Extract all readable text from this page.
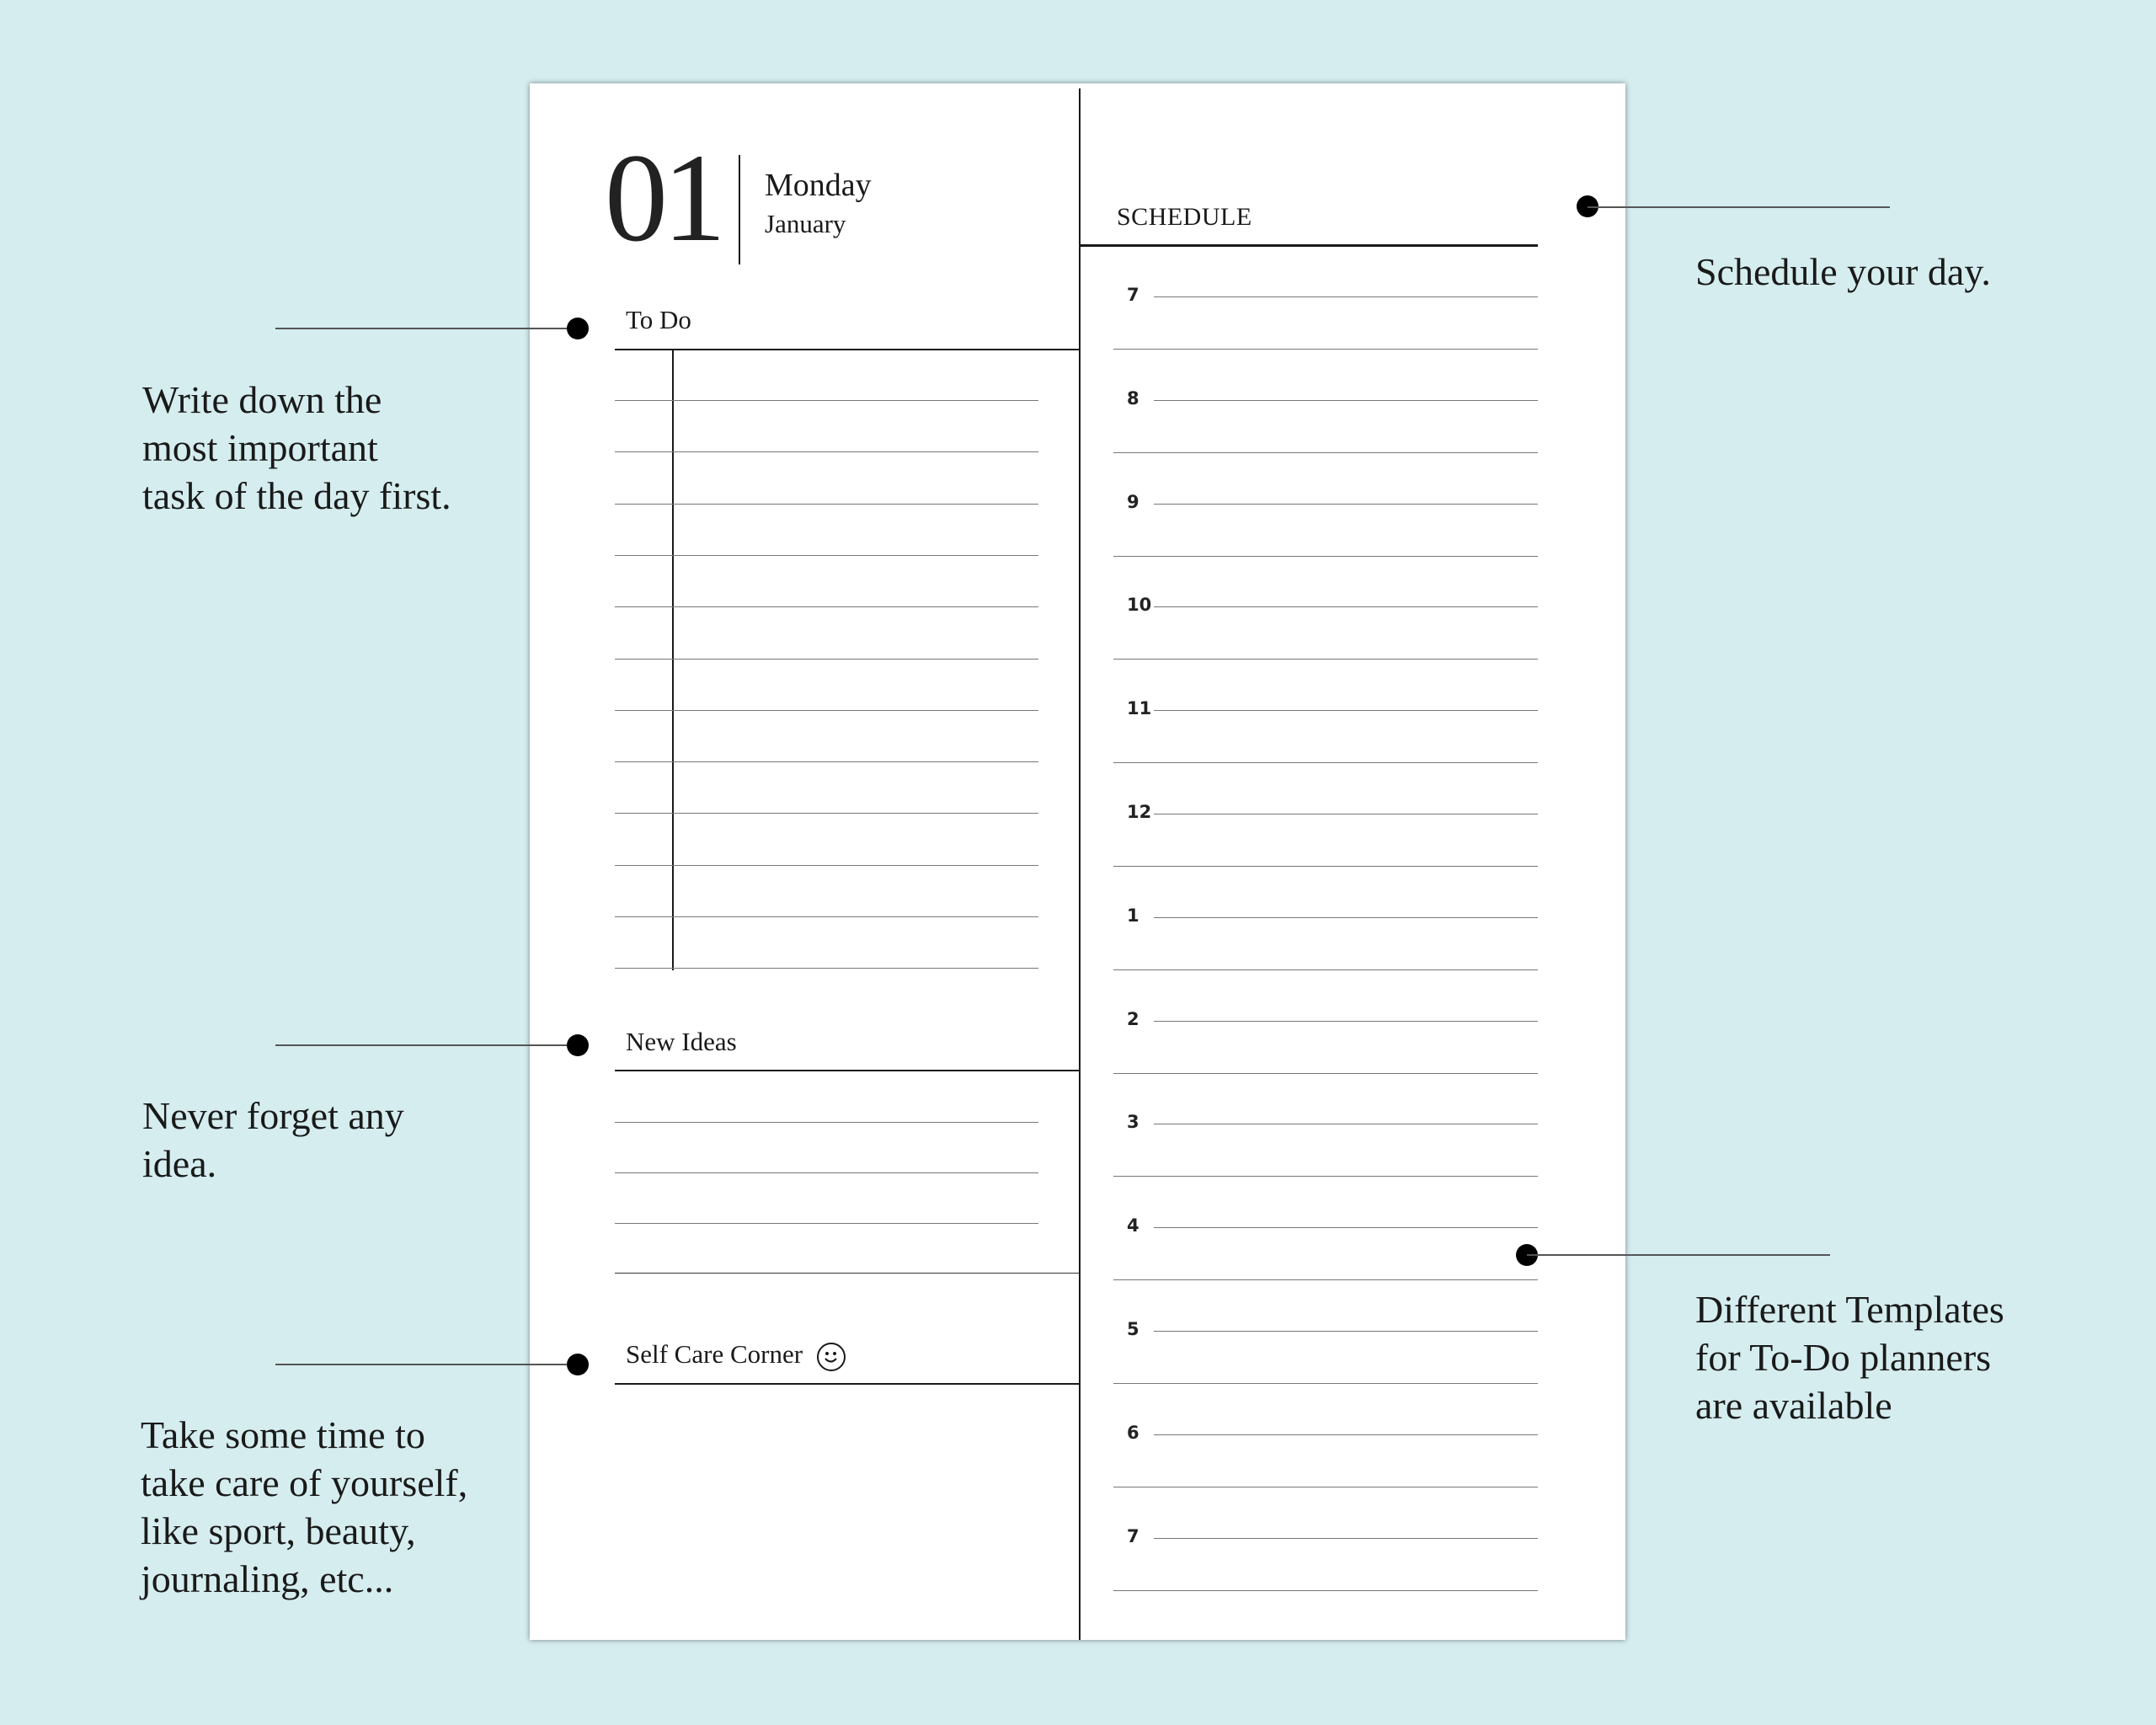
01 Monday
January
To Do
New Ideas
Self Care Corner
SCHEDULE
7
8
9
10
11
12
1
2
3
4
5
6
7
Write down the
most important
task of the day first.
Never forget any
idea.
Take some time to
take care of yourself,
like sport, beauty,
journaling, etc...
Schedule your day.
Different Templates
for To-Do planners
are available
